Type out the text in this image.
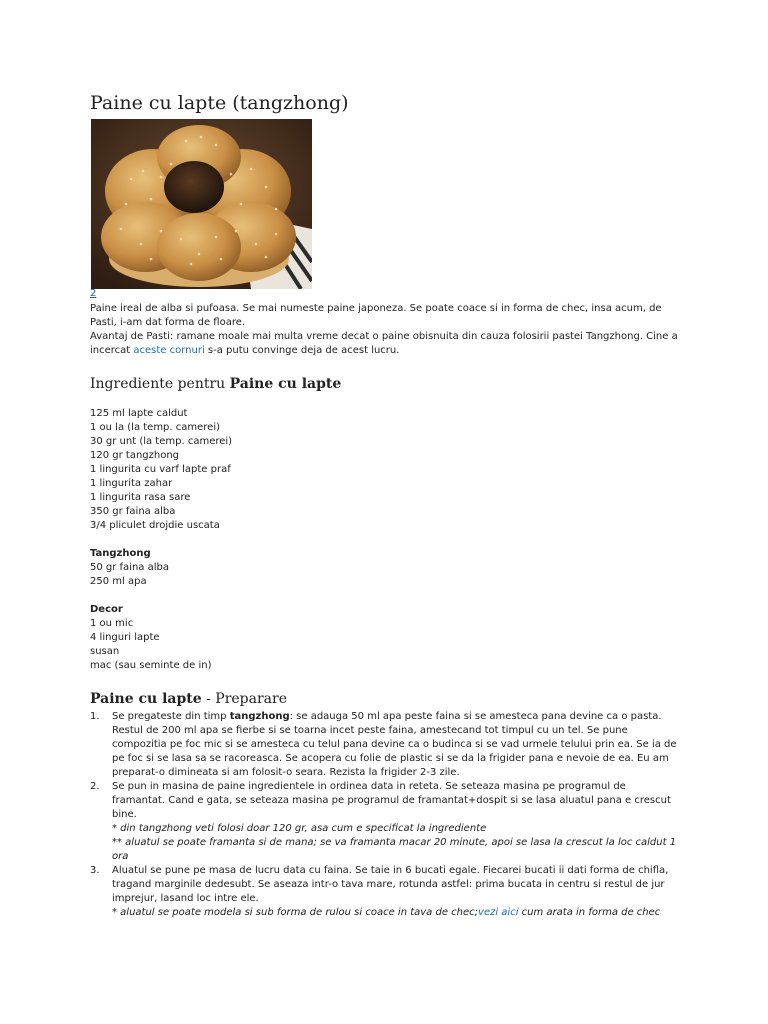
Paine cu lapte (tangzhong)
2

Paine ireal de alba si pufoasa. Se mai numeste paine japoneza. Se poate coace si in forma de chec, insa acum, de Pasti, i-am dat forma de floare.

Avantaj de Pasti: ramane moale mai multa vreme decat o paine obisnuita din cauza folosirii pastei Tangzhong. Cine a incercat aceste cornuri s-a putu convinge deja de acest lucru.

Ingrediente pentru Paine cu lapte
125 ml lapte caldut
1 ou la (la temp. camerei)
30 gr unt (la temp. camerei)
120 gr tangzhong
1 lingurita cu varf lapte praf
1 lingurita zahar
1 lingurita rasa sare
350 gr faina alba
3/4 pliculet drojdie uscata
Tangzhong
50 gr faina alba
250 ml apa
Decor
1 ou mic
4 linguri lapte
susan
mac (sau seminte de in)
Paine cu lapte - Preparare
1. Se pregateste din timp tangzhong: se adauga 50 ml apa peste faina si se amesteca pana devine ca o pasta. Restul de 200 ml apa se fierbe si se toarna incet peste faina, amestecand tot timpul cu un tel. Se pune compozitia pe foc mic si se amesteca cu telul pana devine ca o budinca si se vad urmele telului prin ea. Se ia de pe foc si se lasa sa se racoreasca. Se acopera cu folie de plastic si se da la frigider pana e nevoie de ea. Eu am preparat-o dimineata si am folosit-o seara. Rezista la frigider 2-3 zile.

2. Se pun in masina de paine ingredientele in ordinea data in reteta. Se seteaza masina pe programul de framantat. Cand e gata, se seteaza masina pe programul de framantat+dospit si se lasa aluatul pana e crescut bine.

* din tangzhong veti folosi doar 120 gr, asa cum e specificat la ingrediente

** aluatul se poate framanta si de mana; se va framanta macar 20 minute, apoi se lasa la crescut la loc caldut 1 ora

3. Aluatul se pune pe masa de lucru data cu faina. Se taie in 6 bucati egale. Fiecarei bucati ii dati forma de chifla, tragand marginile dedesubt. Se aseaza intr-o tava mare, rotunda astfel: prima bucata in centru si restul de jur imprejur, lasand loc intre ele.

* aluatul se poate modela si sub forma de rulou si coace in tava de chec;vezi aici cum arata in forma de chec
